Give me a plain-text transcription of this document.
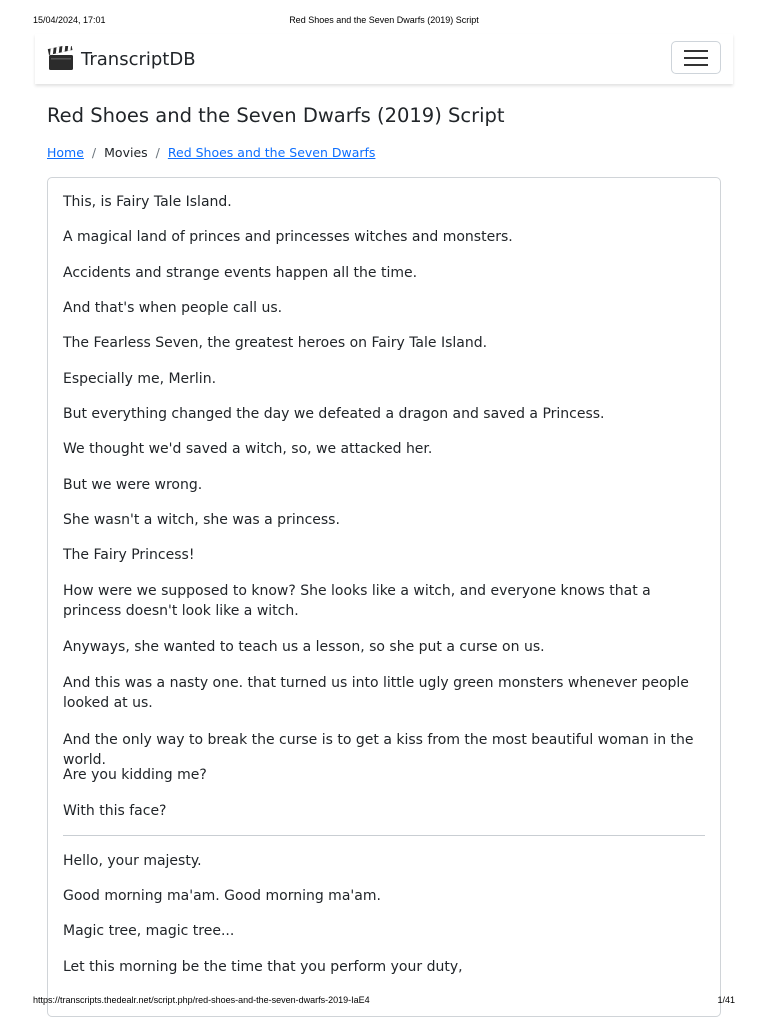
15/04/2024, 17:01	Red Shoes and the Seven Dwarfs (2019) Script
TranscriptDB
Red Shoes and the Seven Dwarfs (2019) Script
Home / Movies / Red Shoes and the Seven Dwarfs

This, is Fairy Tale Island.

A magical land of princes and princesses witches and monsters.

Accidents and strange events happen all the time.

And that's when people call us.

The Fearless Seven, the greatest heroes on Fairy Tale Island.

Especially me, Merlin.

But everything changed the day we defeated a dragon and saved a Princess.

We thought we'd saved a witch, so, we attacked her.

But we were wrong.

She wasn't a witch, she was a princess.

The Fairy Princess!

How were we supposed to know? She looks like a witch, and everyone knows that a princess doesn't look like a witch.

Anyways, she wanted to teach us a lesson, so she put a curse on us.

And this was a nasty one. that turned us into little ugly green monsters whenever people looked at us.

And the only way to break the curse is to get a kiss from the most beautiful woman in the world.

Are you kidding me?

With this face?

Hello, your majesty.

Good morning ma'am. Good morning ma'am.

Magic tree, magic tree...

Let this morning be the time that you perform your duty,

https://transcripts.thedealr.net/script.php/red-shoes-and-the-seven-dwarfs-2019-IaE4	1/41
